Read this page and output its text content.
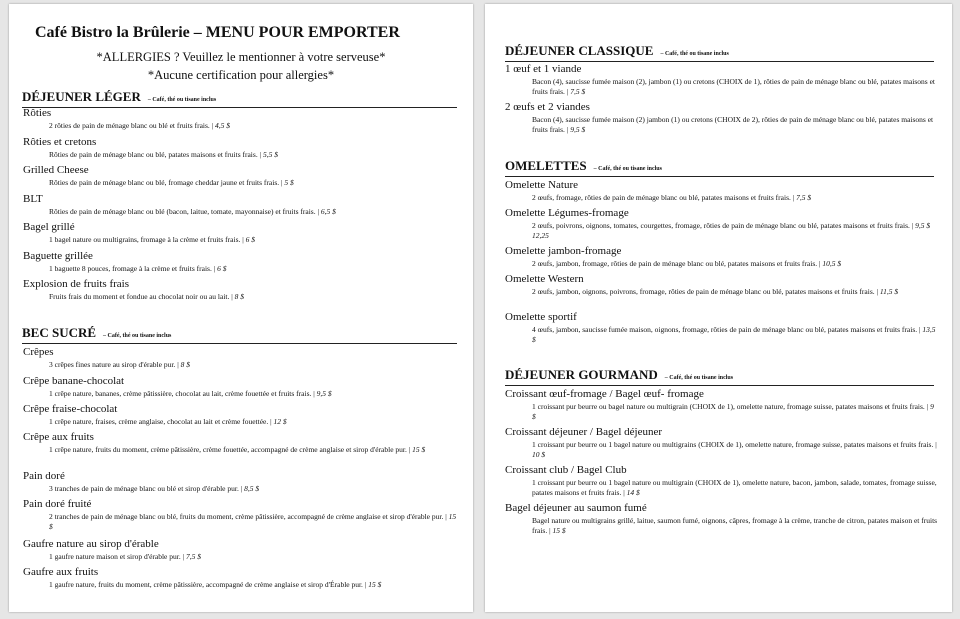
Café Bistro la Brûlerie – MENU POUR EMPORTER
*ALLERGIES ? Veuillez le mentionner à votre serveuse*
*Aucune certification pour allergies*
DÉJEUNER LÉGER – Café, thé ou tisane inclus
Rôties
2 rôties de pain de ménage blanc ou blé et fruits frais. | 4,5 $
Rôties et cretons
Rôties de pain de ménage blanc ou blé, patates maisons et fruits frais. | 5,5 $
Grilled Cheese
Rôties de pain de ménage blanc ou blé, fromage cheddar jaune et fruits frais. | 5 $
BLT
Rôties de pain de ménage blanc ou blé (bacon, laitue, tomate, mayonnaise) et fruits frais. | 6,5 $
Bagel grillé
1 bagel nature ou multigrains, fromage à la crème et fruits frais. | 6 $
Baguette grillée
1 baguette 8 pouces, fromage à la crème et fruits frais. | 6 $
Explosion de fruits frais
Fruits frais du moment et fondue au chocolat noir ou au lait. | 8 $
BEC SUCRÉ – Café, thé ou tisane inclus
Crêpes
3 crêpes fines nature au sirop d'érable pur. | 8 $
Crêpe banane-chocolat
1 crêpe nature, bananes, crème pâtissière, chocolat au lait, crème fouettée et fruits frais. | 9,5 $
Crêpe fraise-chocolat
1 crêpe nature, fraises, crème anglaise, chocolat au lait et crème fouettée. | 12 $
Crêpe aux fruits
1 crêpe nature, fruits du moment, crème pâtissière, crème fouettée, accompagné de crème anglaise et sirop d'érable pur. | 15 $
Pain doré
3 tranches de pain de ménage blanc ou blé et sirop d'érable pur. | 8,5 $
Pain doré fruité
2 tranches de pain de ménage blanc ou blé, fruits du moment, crème pâtissière, accompagné de crème anglaise et sirop d'érable pur. | 15 $
Gaufre nature au sirop d'érable
1 gaufre nature maison et sirop d'érable pur. | 7,5 $
Gaufre aux fruits
1 gaufre nature, fruits du moment, crème pâtissière, accompagné de crème anglaise et sirop d'Érable pur. | 15 $
DÉJEUNER CLASSIQUE – Café, thé ou tisane inclus
1 œuf et 1 viande
Bacon (4), saucisse fumée maison (2), jambon (1) ou cretons (CHOIX de 1), rôties de pain de ménage blanc ou blé, patates maisons et fruits frais. | 7,5 $
2 œufs et 2 viandes
Bacon (4), saucisse fumée maison (2) jambon (1) ou cretons (CHOIX de 2), rôties de pain de ménage blanc ou blé, patates maisons et fruits frais. | 9,5 $
OMELETTES – Café, thé ou tisane inclus
Omelette Nature
2 œufs, fromage, rôties de pain de ménage blanc ou blé, patates maisons et fruits frais. | 7,5 $
Omelette Légumes-fromage
2 œufs, poivrons, oignons, tomates, courgettes, fromage, rôties de pain de ménage blanc ou blé, patates maisons et fruits frais. | 9,5 $ 12,25
Omelette jambon-fromage
2 œufs, jambon, fromage, rôties de pain de ménage blanc ou blé, patates maisons et fruits frais. | 10,5 $
Omelette Western
2 œufs, jambon, oignons, poivrons, fromage, rôties de pain de ménage blanc ou blé, patates maisons et fruits frais. | 11,5 $
Omelette sportif
4 œufs, jambon, saucisse fumée maison, oignons, fromage, rôties de pain de ménage blanc ou blé, patates maisons et fruits frais. | 13,5 $
DÉJEUNER GOURMAND – Café, thé ou tisane inclus
Croissant œuf-fromage / Bagel œuf- fromage
1 croissant pur beurre ou bagel nature ou multigrain (CHOIX de 1), omelette nature, fromage suisse, patates maisons et fruits frais. | 9 $
Croissant déjeuner / Bagel déjeuner
1 croissant pur beurre ou 1 bagel nature ou multigrains (CHOIX de 1), omelette nature, fromage suisse, patates maisons et fruits frais. | 10 $
Croissant club / Bagel Club
1 croissant pur beurre ou 1 bagel nature ou multigrain (CHOIX de 1), omelette nature, bacon, jambon, salade, tomates, fromage suisse, patates maisons et fruits frais. | 14 $
Bagel déjeuner au saumon fumé
Bagel nature ou multigrains grillé, laitue, saumon fumé, oignons, câpres, fromage à la crème, tranche de citron, patates maison et fruits frais. | 15 $
